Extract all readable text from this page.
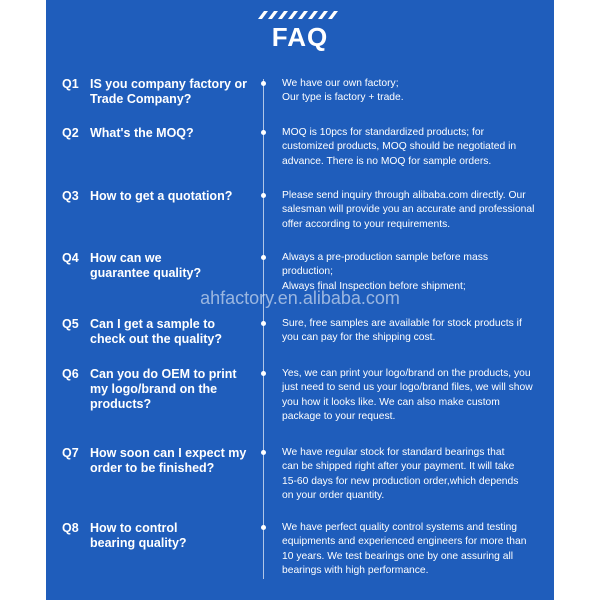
FAQ
ahfactory.en.alibaba.com
Q1 IS you company factory or Trade Company?
We have our own factory;
Our type is factory + trade.
Q2 What's the MOQ?	MOQ is 10pcs for standardized products; for customized products, MOQ should be negotiated in advance. There is no MOQ for sample orders.
Q3 How to get a quotation?	Please send inquiry through alibaba.com directly. Our salesman will provide you an accurate and professional offer according to your requirements.
Q4 How can we guarantee quality?
Always a pre-production sample before mass production;
Always final Inspection before shipment;
Q5 Can I get a sample to check out the quality?
Sure, free samples are available for stock products if you can pay for the shipping cost.
Q6 Can you do OEM to print my logo/brand on the products?
Yes, we can print your logo/brand on the products, you just need to send us your logo/brand files, we will show you how it looks like. We can also make custom package to your request.
Q7 How soon can I expect my order to be finished?
We have regular stock for standard bearings that can be shipped right after your payment. It will take 15-60 days for new production order,which depends on your order quantity.
Q8 How to control bearing quality?
We have perfect quality control systems and testing equipments and experienced engineers for more than 10 years. We test bearings one by one assuring all bearings with high performance.
